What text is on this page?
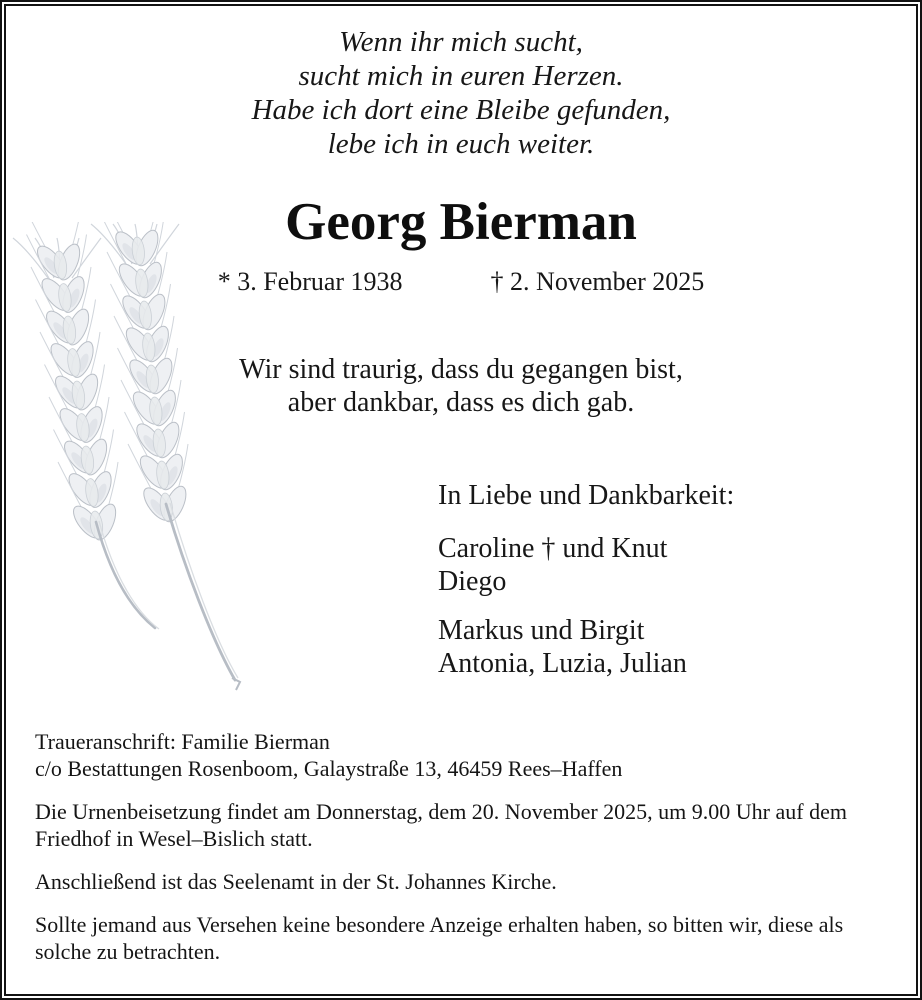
Wenn ihr mich sucht,
sucht mich in euren Herzen.
Habe ich dort eine Bleibe gefunden,
lebe ich in euch weiter.
Georg Bierman
* 3. Februar 1938	† 2. November 2025
Wir sind traurig, dass du gegangen bist,
aber dankbar, dass es dich gab.
In Liebe und Dankbarkeit:
Caroline † und Knut
Diego
Markus und Birgit
Antonia, Luzia, Julian
Traueranschrift: Familie Bierman
c/o Bestattungen Rosenboom, Galaystraße 13, 46459 Rees–Haffen
Die Urnenbeisetzung findet am Donnerstag, dem 20. November 2025, um 9.00 Uhr auf dem
Friedhof in Wesel–Bislich statt.
Anschließend ist das Seelenamt in der St. Johannes Kirche.
Sollte jemand aus Versehen keine besondere Anzeige erhalten haben, so bitten wir, diese als
solche zu betrachten.
